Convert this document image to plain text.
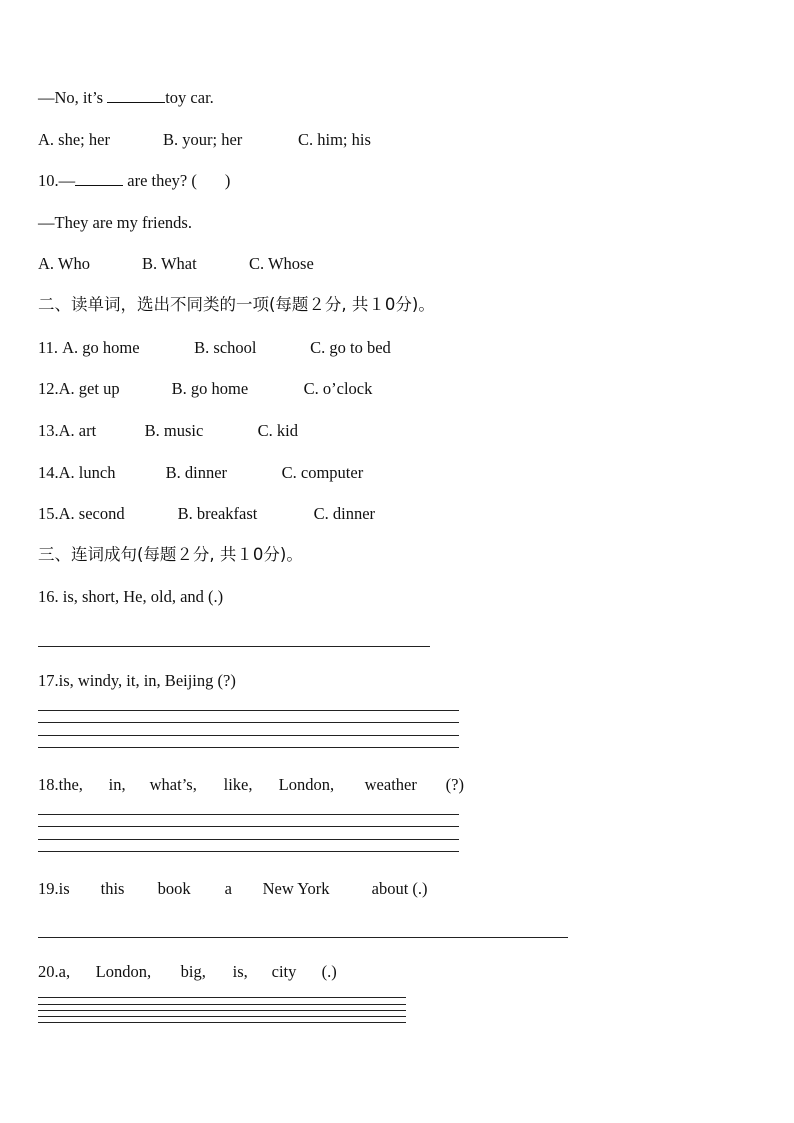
—No, it’s	toy car.
A. she; her	B. your; her	C. him; his
10.—	are they? ( )
—They are my friends.
A. Who	B. What	C. Whose
二、读单词，选出不同类的一项(每题２分, 共１0分)。
11. A. go home	B. school	C. go to bed
12.A. get up	B. go home	C. o’clock
13.A. art	B. music	C. kid
14.A. lunch	B. dinner	C. computer
15.A. second	B. breakfast	C. dinner
三、连词成句(每题２分, 共１0分)。
16. is, short, He, old, and (.)
17.is, windy, it, in, Beijing (?)
18.the, in, what’s, like, London, weather (?)
19.is this book a New York	about (.)
20.a, London, big, is, city (.)
